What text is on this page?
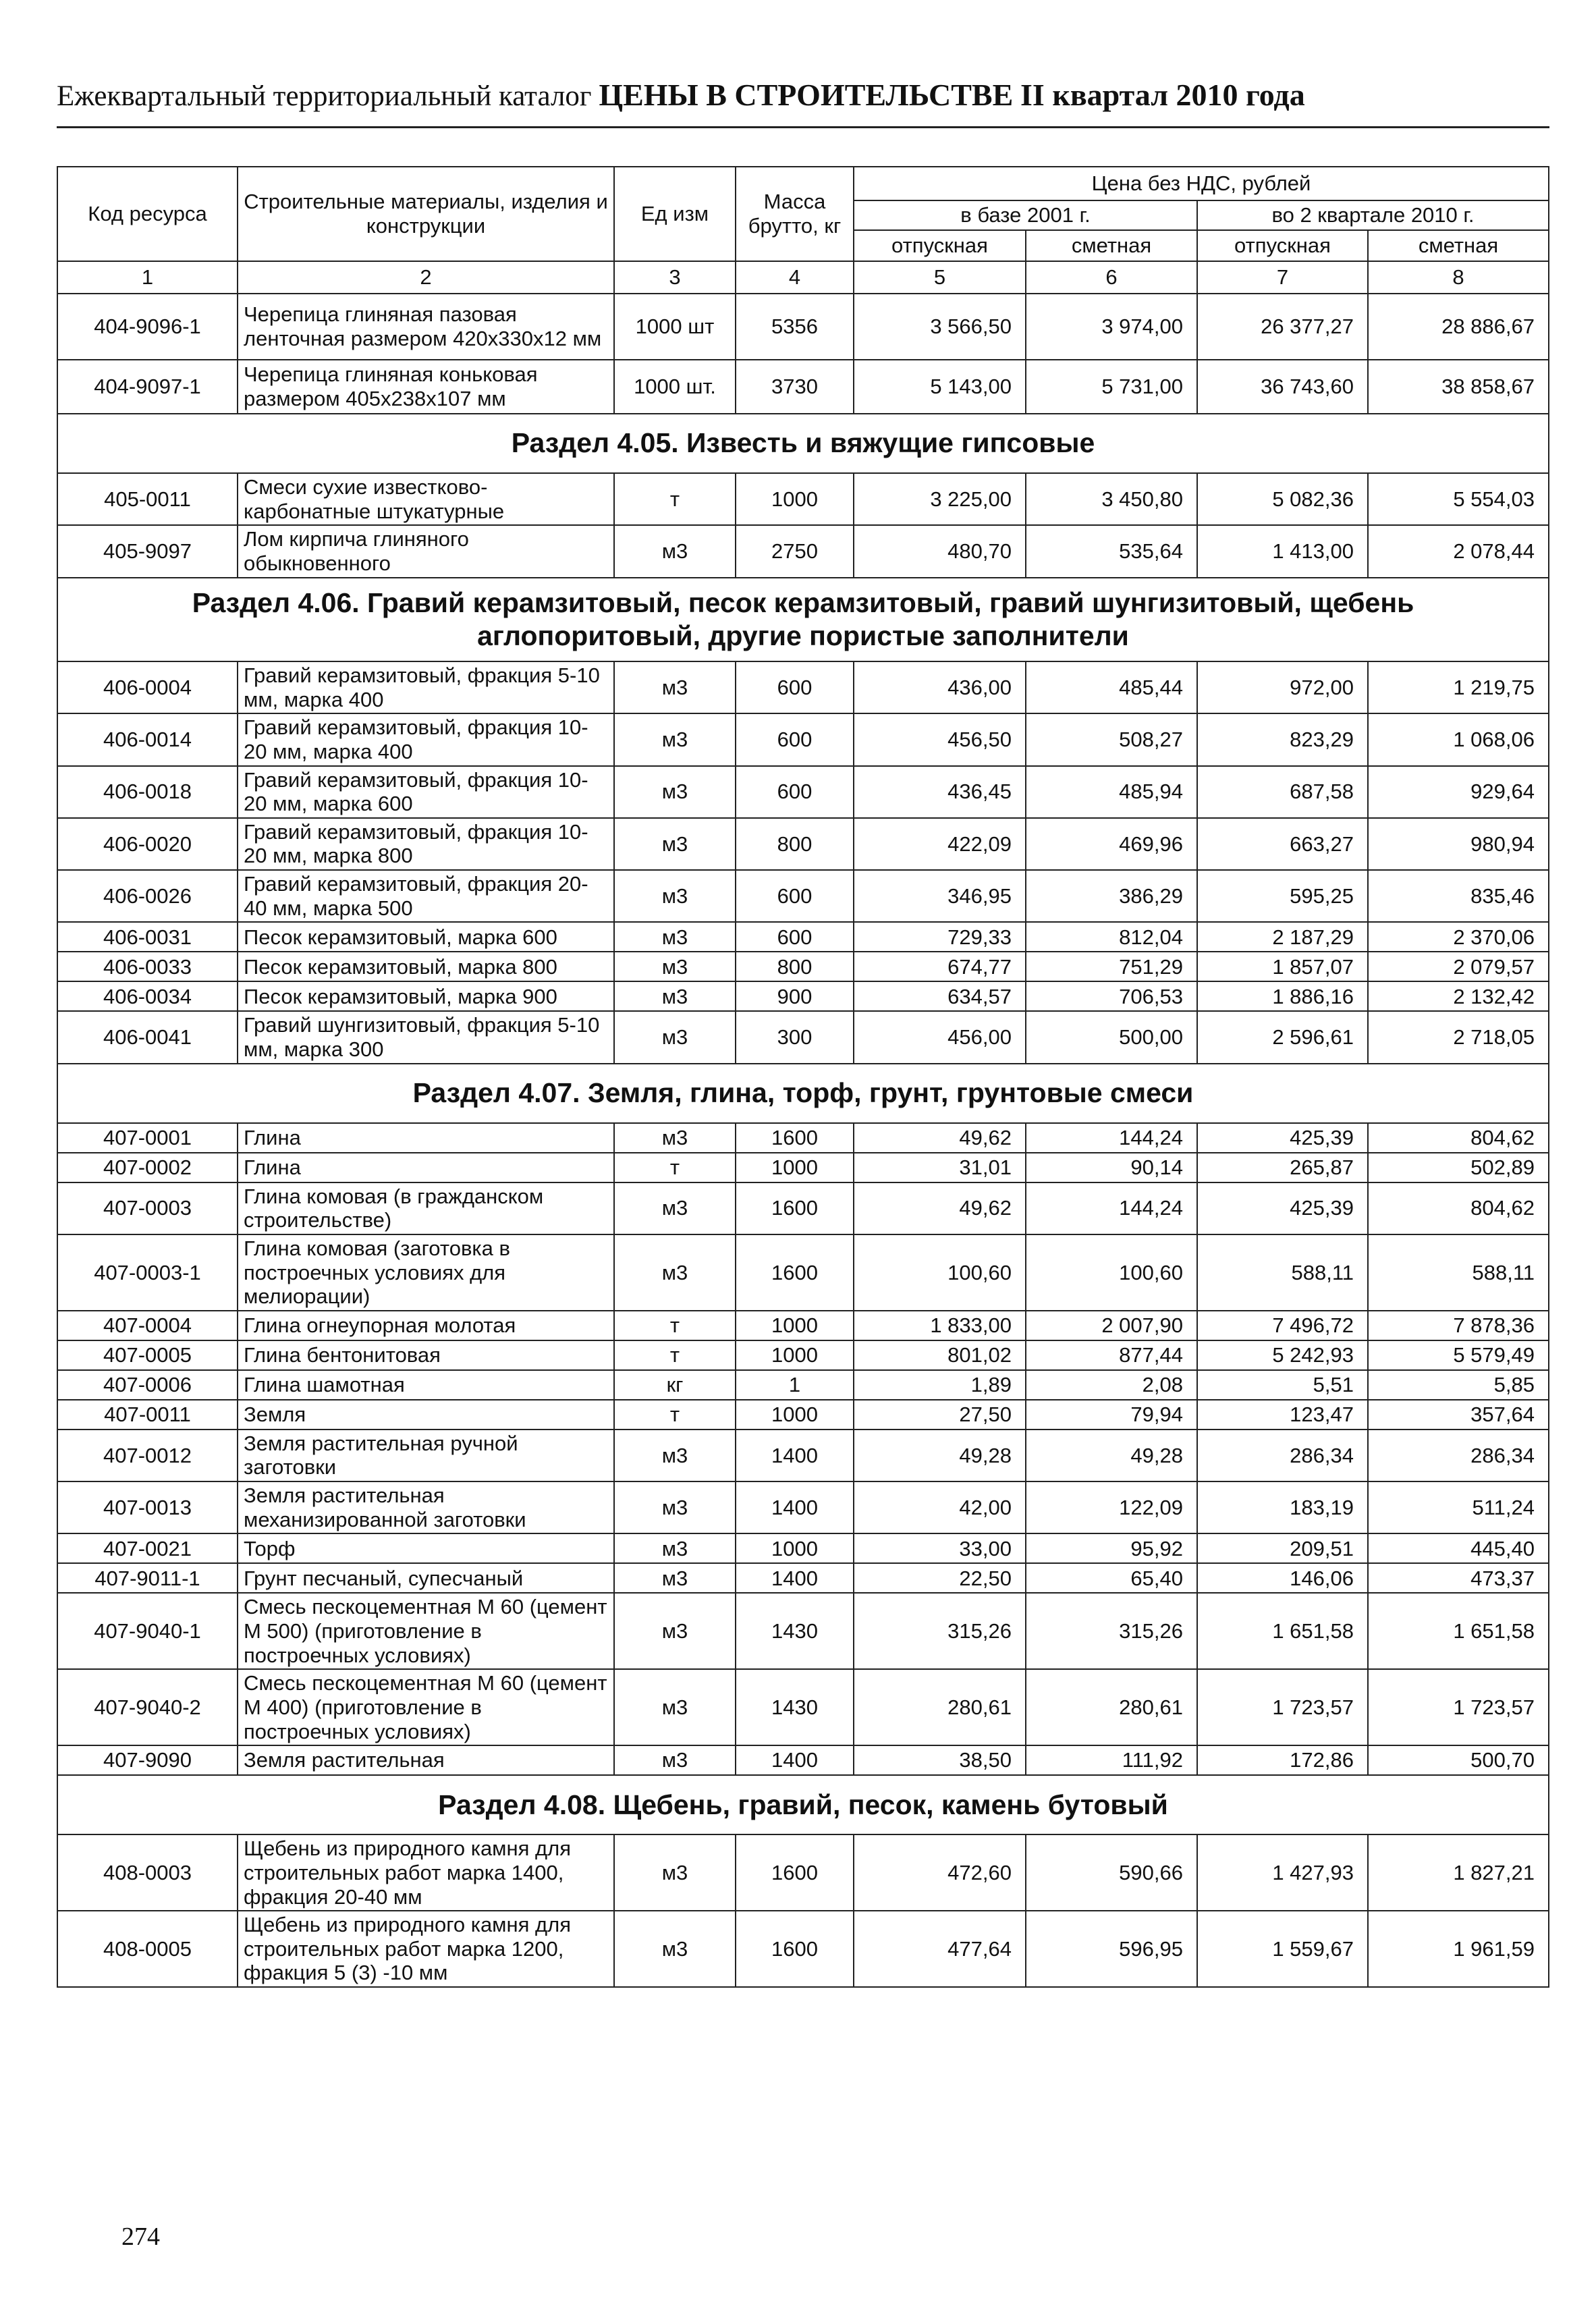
Ежеквартальный территориальный каталог ЦЕНЫ В СТРОИТЕЛЬСТВЕ II квартал 2010 года
Код ресурса	Строительные материалы, изделия и конструкции	Ед изм	Масса брутто, кг	Цена без НДС, рублей			
				в базе 2001 г.		во 2 квартале 2010 г.	
				отпускная	сметная	отпускная	сметная
1	2	3	4	5	6	7	8
404-9096-1	Черепица глиняная пазовая ленточная размером 420x330x12 мм	1000 шт	5356	3 566,50	3 974,00	26 377,27	28 886,67
404-9097-1	Черепица глиняная коньковая размером 405x238x107 мм	1000 шт.	3730	5 143,00	5 731,00	36 743,60	38 858,67
Раздел 4.05. Известь и вяжущие гипсовые							
405-0011	Смеси сухие известково-карбонатные штукатурные	т	1000	3 225,00	3 450,80	5 082,36	5 554,03
405-9097	Лом кирпича глиняного обыкновенного	м3	2750	480,70	535,64	1 413,00	2 078,44
Раздел 4.06. Гравий керамзитовый, песок керамзитовый, гравий шунгизитовый, щебень аглопоритовый, другие пористые заполнители							
406-0004	Гравий керамзитовый, фракция 5-10 мм, марка 400	м3	600	436,00	485,44	972,00	1 219,75
406-0014	Гравий керамзитовый, фракция 10-20 мм, марка 400	м3	600	456,50	508,27	823,29	1 068,06
406-0018	Гравий керамзитовый, фракция 10-20 мм, марка 600	м3	600	436,45	485,94	687,58	929,64
406-0020	Гравий керамзитовый, фракция 10-20 мм, марка 800	м3	800	422,09	469,96	663,27	980,94
406-0026	Гравий керамзитовый, фракция 20-40 мм, марка 500	м3	600	346,95	386,29	595,25	835,46
406-0031	Песок керамзитовый, марка 600	м3	600	729,33	812,04	2 187,29	2 370,06
406-0033	Песок керамзитовый, марка 800	м3	800	674,77	751,29	1 857,07	2 079,57
406-0034	Песок керамзитовый, марка 900	м3	900	634,57	706,53	1 886,16	2 132,42
406-0041	Гравий шунгизитовый, фракция 5-10 мм, марка 300	м3	300	456,00	500,00	2 596,61	2 718,05
Раздел 4.07. Земля, глина, торф, грунт, грунтовые смеси							
407-0001	Глина	м3	1600	49,62	144,24	425,39	804,62
407-0002	Глина	т	1000	31,01	90,14	265,87	502,89
407-0003	Глина комовая (в гражданском строительстве)	м3	1600	49,62	144,24	425,39	804,62
407-0003-1	Глина комовая (заготовка в построечных условиях для мелиорации)	м3	1600	100,60	100,60	588,11	588,11
407-0004	Глина огнеупорная молотая	т	1000	1 833,00	2 007,90	7 496,72	7 878,36
407-0005	Глина бентонитовая	т	1000	801,02	877,44	5 242,93	5 579,49
407-0006	Глина шамотная	кг	1	1,89	2,08	5,51	5,85
407-0011	Земля	т	1000	27,50	79,94	123,47	357,64
407-0012	Земля растительная ручной заготовки	м3	1400	49,28	49,28	286,34	286,34
407-0013	Земля растительная механизированной заготовки	м3	1400	42,00	122,09	183,19	511,24
407-0021	Торф	м3	1000	33,00	95,92	209,51	445,40
407-9011-1	Грунт песчаный, супесчаный	м3	1400	22,50	65,40	146,06	473,37
407-9040-1	Смесь пескоцементная М 60 (цемент М 500) (приготовление в построечных условиях)	м3	1430	315,26	315,26	1 651,58	1 651,58
407-9040-2	Смесь пескоцементная М 60 (цемент М 400) (приготовление в построечных условиях)	м3	1430	280,61	280,61	1 723,57	1 723,57
407-9090	Земля растительная	м3	1400	38,50	111,92	172,86	500,70
Раздел 4.08. Щебень, гравий, песок, камень бутовый							
408-0003	Щебень из природного камня для строительных работ марка 1400, фракция 20-40 мм	м3	1600	472,60	590,66	1 427,93	1 827,21
408-0005	Щебень из природного камня для строительных работ марка 1200, фракция 5 (3) -10 мм	м3	1600	477,64	596,95	1 559,67	1 961,59
274
